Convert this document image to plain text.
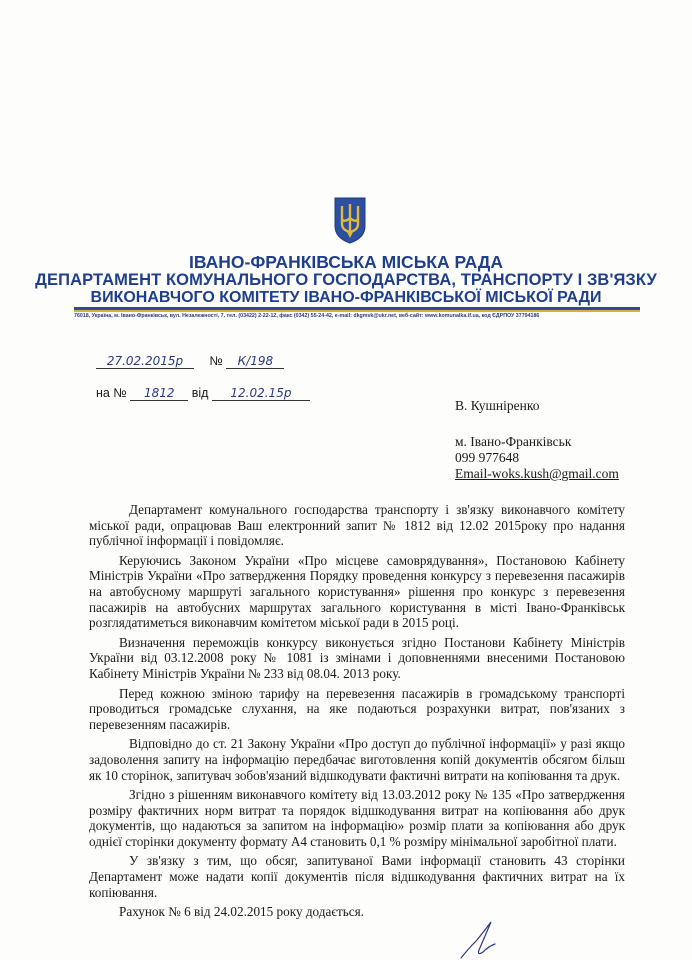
ІВАНО-ФРАНКІВСЬКА МІСЬКА РАДА
ДЕПАРТАМЕНТ КОМУНАЛЬНОГО ГОСПОДАРСТВА, ТРАНСПОРТУ І ЗВ'ЯЗКУ
ВИКОНАВЧОГО КОМІТЕТУ ІВАНО-ФРАНКІВСЬКОЇ МІСЬКОЇ РАДИ
76018, Україна, м. Івано-Франківськ, вул. Незалежності, 7, тел. (03422) 2-22-12, факс (0342) 55-24-42, e-mail: dkgmvk@ukr.net, веб-сайт: www.komunalka.if.ua, код ЄДРПОУ 37794186
27.02.2015р № К/198
на № 1812 від 12.02.15р
В. Кушніренко
м. Івано-Франківськ
099 977648
Email-woks.kush@gmail.com

Департамент комунального господарства транспорту і зв'язку виконавчого комітету міської ради, опрацював Ваш електронний запит № 1812 від 12.02 2015року про надання публічної інформації і повідомляє.

Керуючись Законом України «Про місцеве самоврядування», Постановою Кабінету Міністрів України «Про затвердження Порядку проведення конкурсу з перевезення пасажирів на автобусному маршруті загального користування» рішення про конкурс з перевезення пасажирів на автобусних маршрутах загального користування в місті Івано-Франківськ розглядатиметься виконавчим комітетом міської ради в 2015 році.

Визначення переможців конкурсу виконується згідно Постанови Кабінету Міністрів України від 03.12.2008 року № 1081 із змінами і доповненнями внесеними Постановою Кабінету Міністрів України № 233 від 08.04. 2013 року.

Перед кожною зміною тарифу на перевезення пасажирів в громадському транспорті проводиться громадське слухання, на яке подаються розрахунки витрат, пов'язаних з перевезенням пасажирів.

Відповідно до ст. 21 Закону України «Про доступ до публічної інформації» у разі якщо задоволення запиту на інформацію передбачає виготовлення копій документів обсягом більш як 10 сторінок, запитувач зобов'язаний відшкодувати фактичні витрати на копіювання та друк.

Згідно з рішенням виконавчого комітету від 13.03.2012 року № 135 «Про затвердження розміру фактичних норм витрат та порядок відшкодування витрат на копіювання або друк документів, що надаються за запитом на інформацію» розмір плати за копіювання або друк однієї сторінки документу формату А4 становить 0,1 % розміру мінімальної заробітної плати.

У зв'язку з тим, що обсяг, запитуваної Вами інформації становить 43 сторінки Департамент може надати копії документів після відшкодування фактичних витрат на їх копіювання.

Рахунок № 6 від 24.02.2015 року додається.
